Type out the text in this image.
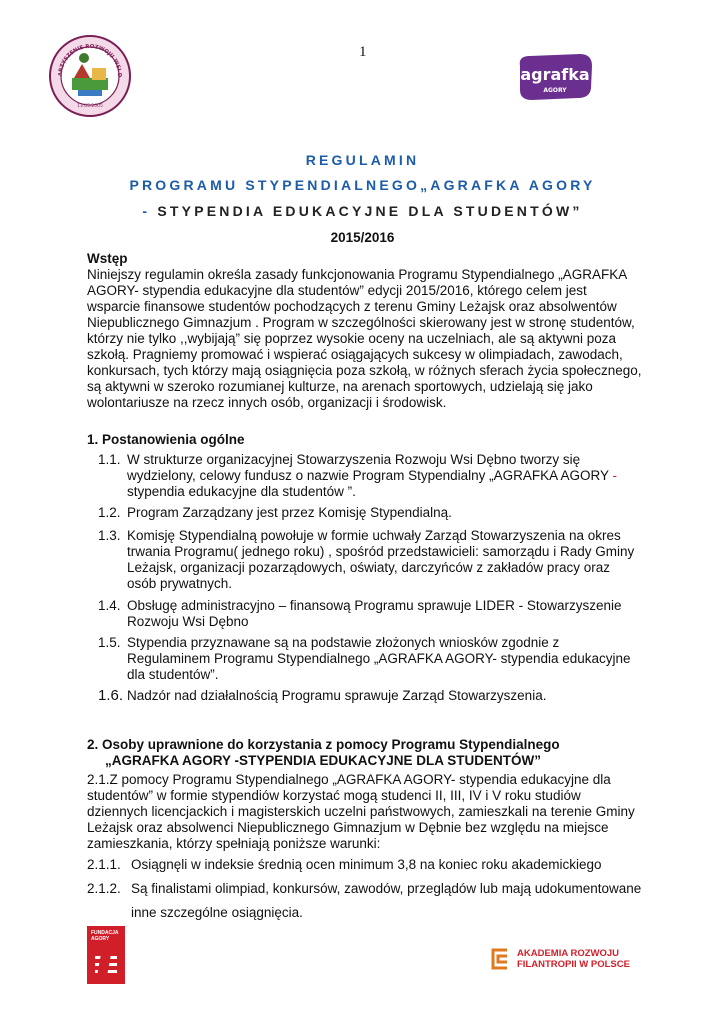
1
ARZYSZENIE ROZWOJU WSI D
13.05.2005
agrafka
AGORY
REGULAMIN
PROGRAMU STYPENDIALNEGO„AGRAFKA AGORY
- STYPENDIA EDUKACYJNE DLA STUDENTÓW”
2015/2016
Wstęp
Niniejszy regulamin określa zasady funkcjonowania Programu Stypendialnego „AGRAFKA
AGORY- stypendia edukacyjne dla studentów” edycji 2015/2016, którego celem jest
wsparcie finansowe studentów pochodzących z terenu Gminy Leżajsk oraz absolwentów
Niepublicznego Gimnazjum . Program w szczególności skierowany jest w stronę studentów,
którzy nie tylko ,,wybijają” się poprzez wysokie oceny na uczelniach, ale są aktywni poza
szkołą. Pragniemy promować i wspierać osiągających sukcesy w olimpiadach, zawodach,
konkursach, tych którzy mają osiągnięcia poza szkołą, w różnych sferach życia społecznego,
są aktywni w szeroko rozumianej kulturze, na arenach sportowych, udzielają się jako
wolontariusze na rzecz innych osób, organizacji i środowisk.
1. Postanowienia ogólne
1.1. W strukturze organizacyjnej Stowarzyszenia Rozwoju Wsi Dębno tworzy się
wydzielony, celowy fundusz o nazwie Program Stypendialny „AGRAFKA AGORY -
stypendia edukacyjne dla studentów ”.
1.2. Program Zarządzany jest przez Komisję Stypendialną.
1.3. Komisję Stypendialną powołuje w formie uchwały Zarząd Stowarzyszenia na okres
trwania Programu( jednego roku) , spośród przedstawicieli: samorządu i Rady Gminy
Leżajsk, organizacji pozarządowych, oświaty, darczyńców z zakładów pracy oraz
osób prywatnych.
1.4. Obsługę administracyjno – finansową Programu sprawuje LIDER - Stowarzyszenie
Rozwoju Wsi Dębno
1.5. Stypendia przyznawane są na podstawie złożonych wniosków zgodnie z
Regulaminem Programu Stypendialnego „AGRAFKA AGORY- stypendia edukacyjne
dla studentów”.
1.6. Nadzór nad działalnością Programu sprawuje Zarząd Stowarzyszenia.
2. Osoby uprawnione do korzystania z pomocy Programu Stypendialnego
„AGRAFKA AGORY -STYPENDIA EDUKACYJNE DLA STUDENTÓW”
2.1.Z pomocy Programu Stypendialnego „AGRAFKA AGORY- stypendia edukacyjne dla
studentów” w formie stypendiów korzystać mogą studenci II, III, IV i V roku studiów
dziennych licencjackich i magisterskich uczelni państwowych, zamieszkali na terenie Gminy
Leżajsk oraz absolwenci Niepublicznego Gimnazjum w Dębnie bez względu na miejsce
zamieszkania, którzy spełniają poniższe warunki:
2.1.1. Osiągnęli w indeksie średnią ocen minimum 3,8 na koniec roku akademickiego
2.1.2. Są finalistami olimpiad, konkursów, zawodów, przeglądów lub mają udokumentowane
inne szczególne osiągnięcia.
FUNDACJA AGORY
AKADEMIA ROZWOJU
FILANTROPII W POLSCE
